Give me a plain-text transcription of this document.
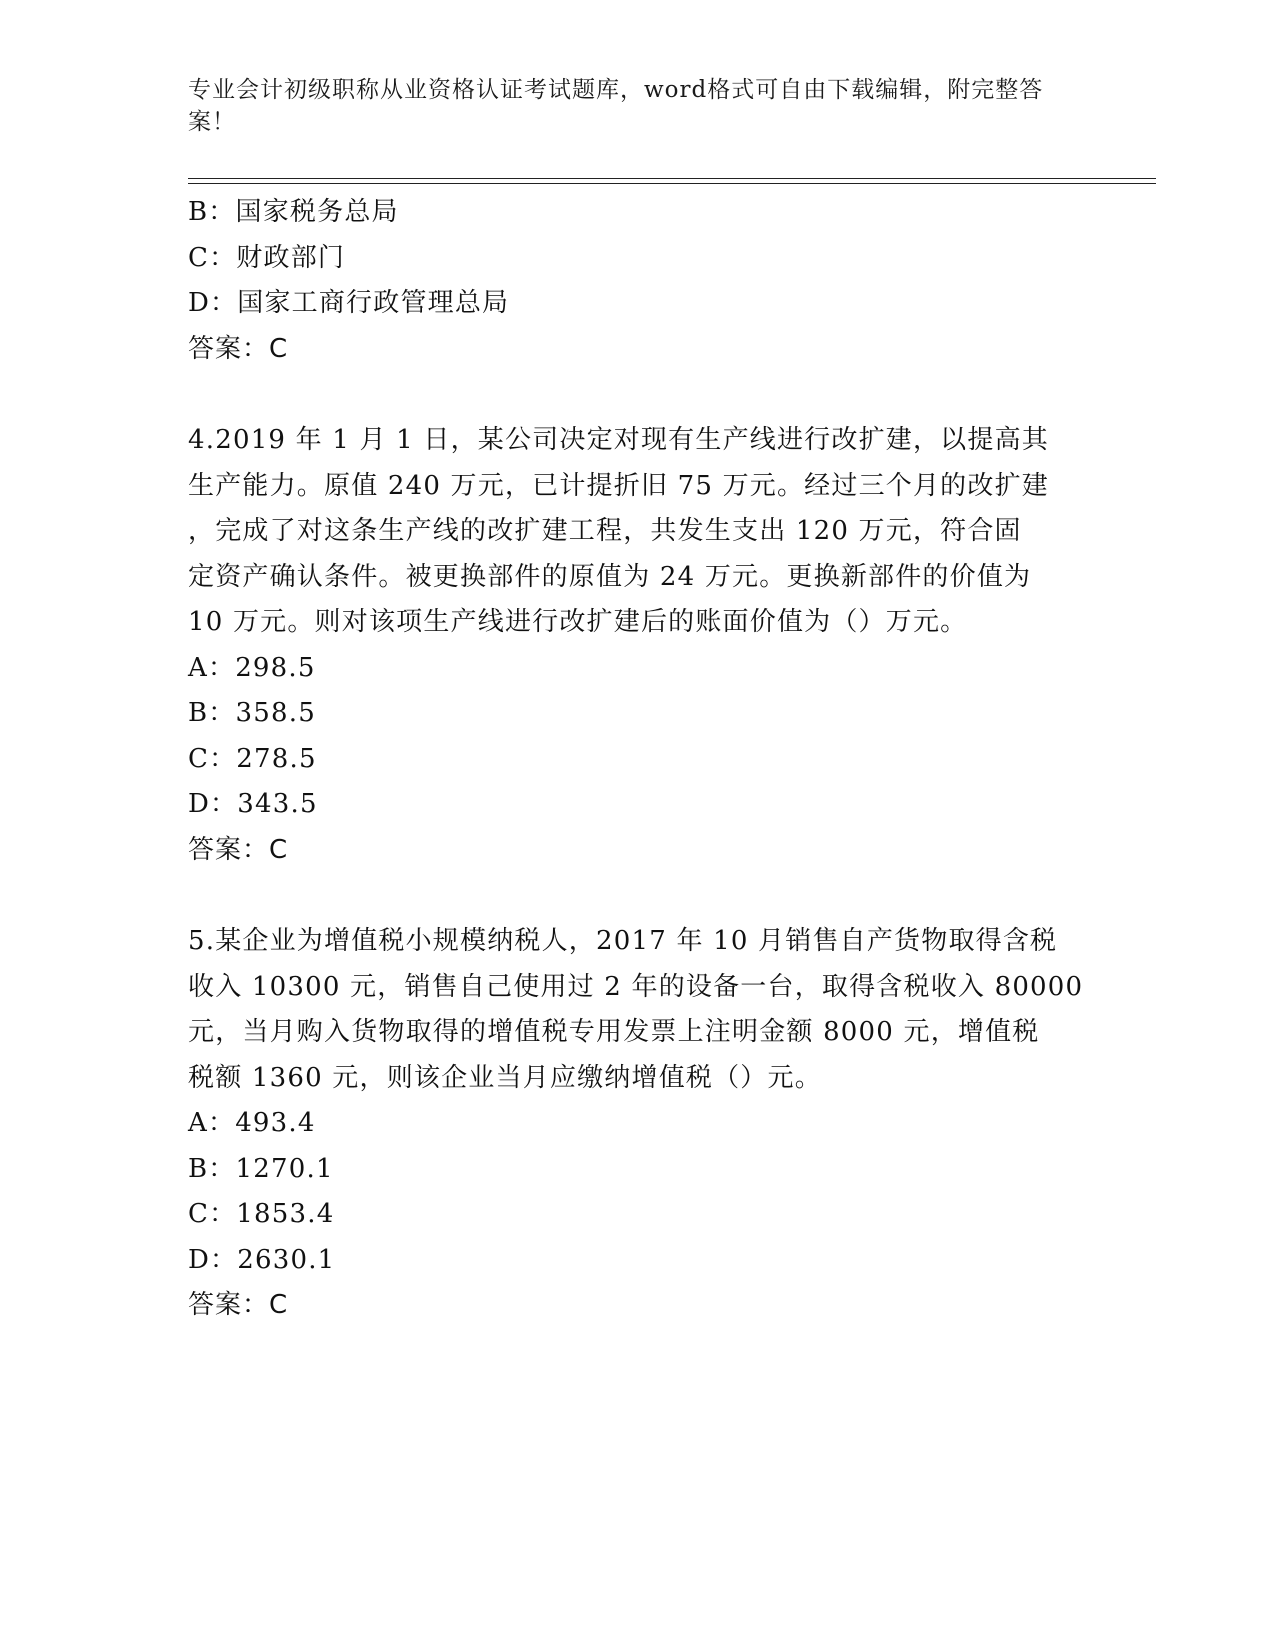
专业会计初级职称从业资格认证考试题库，word格式可自由下载编辑，附完整答案！
B：国家税务总局
C：财政部门
D：国家工商行政管理总局
答案：C
4.2019 年 1 月 1 日，某公司决定对现有生产线进行改扩建，以提高其
生产能力。原值 240 万元，已计提折旧 75 万元。经过三个月的改扩建
，完成了对这条生产线的改扩建工程，共发生支出 120 万元，符合固
定资产确认条件。被更换部件的原值为 24 万元。更换新部件的价值为
10 万元。则对该项生产线进行改扩建后的账面价值为（）万元。
A：298.5
B：358.5
C：278.5
D：343.5
答案：C
5.某企业为增值税小规模纳税人，2017 年 10 月销售自产货物取得含税
收入 10300 元，销售自己使用过 2 年的设备一台，取得含税收入 80000
元，当月购入货物取得的增值税专用发票上注明金额 8000 元，增值税
税额 1360 元，则该企业当月应缴纳增值税（）元。
A：493.4
B：1270.1
C：1853.4
D：2630.1
答案：C
